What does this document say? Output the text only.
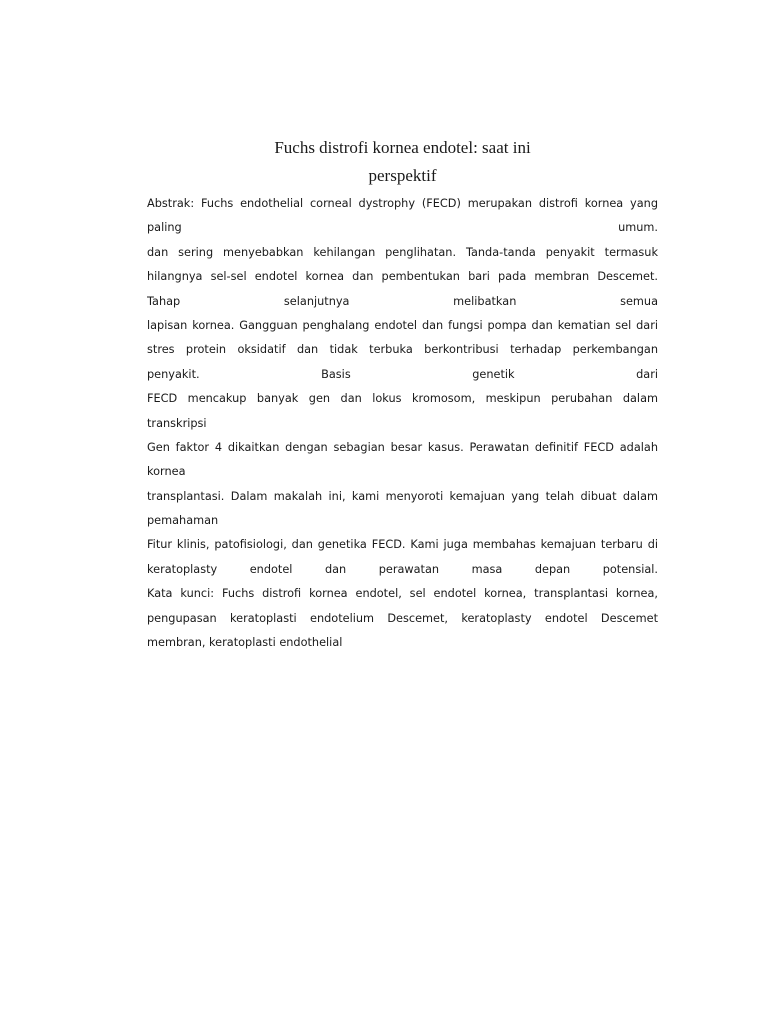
Fuchs distrofi kornea endotel: saat ini
perspektif
Abstrak: Fuchs endothelial corneal dystrophy (FECD) merupakan distrofi kornea yang
paling umum.
dan sering menyebabkan kehilangan penglihatan. Tanda-tanda penyakit termasuk
hilangnya sel-sel endotel kornea dan pembentukan bari pada membran Descemet.
Tahap selanjutnya melibatkan semua
lapisan kornea. Gangguan penghalang endotel dan fungsi pompa dan kematian sel dari
stres protein oksidatif dan tidak terbuka berkontribusi terhadap perkembangan
penyakit. Basis genetik dari
FECD mencakup banyak gen dan lokus kromosom, meskipun perubahan dalam
transkripsi
Gen faktor 4 dikaitkan dengan sebagian besar kasus. Perawatan definitif FECD adalah
kornea
transplantasi. Dalam makalah ini, kami menyoroti kemajuan yang telah dibuat dalam
pemahaman
Fitur klinis, patofisiologi, dan genetika FECD. Kami juga membahas kemajuan terbaru di
keratoplasty endotel dan perawatan masa depan potensial.
Kata kunci: Fuchs distrofi kornea endotel, sel endotel kornea, transplantasi kornea,
pengupasan keratoplasti endotelium Descemet, keratoplasty endotel Descemet
membran, keratoplasti endothelial
